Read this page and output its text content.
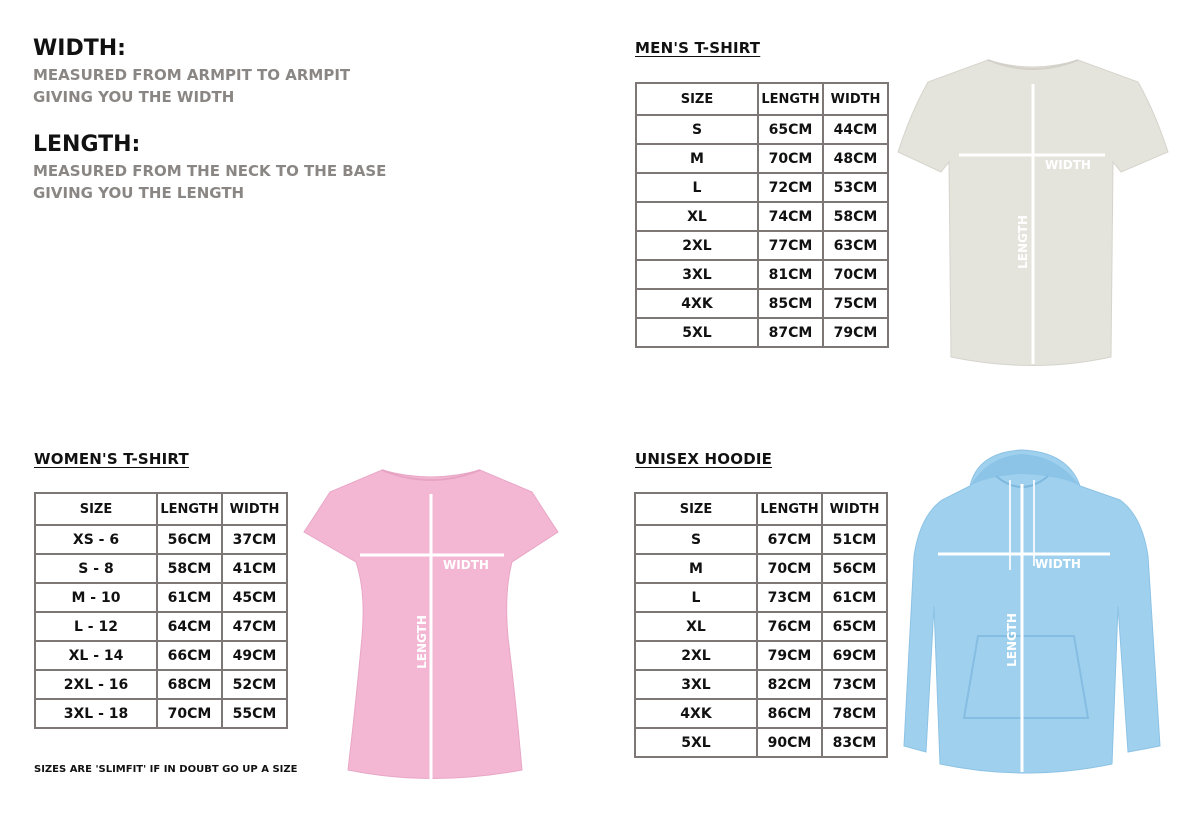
WIDTH:

MEASURED FROM ARMPIT TO ARMPIT

GIVING YOU THE WIDTH

LENGTH:

MEASURED FROM THE NECK TO THE BASE

GIVING YOU THE LENGTH

MEN'S T-SHIRT
SIZE	LENGTH	WIDTH
S	65CM	44CM
M	70CM	48CM
L	72CM	53CM
XL	74CM	58CM
2XL	77CM	63CM
3XL	81CM	70CM
4XK	85CM	75CM
5XL	87CM	79CM
WIDTH
LENGTH
WOMEN'S T-SHIRT
SIZE	LENGTH	WIDTH
XS - 6	56CM	37CM
S - 8	58CM	41CM
M - 10	61CM	45CM
L - 12	64CM	47CM
XL - 14	66CM	49CM
2XL - 16	68CM	52CM
3XL - 18	70CM	55CM
SIZES ARE 'SLIMFIT' IF IN DOUBT GO UP A SIZE
WIDTH
LENGTH
UNISEX HOODIE
SIZE	LENGTH	WIDTH
S	67CM	51CM
M	70CM	56CM
L	73CM	61CM
XL	76CM	65CM
2XL	79CM	69CM
3XL	82CM	73CM
4XK	86CM	78CM
5XL	90CM	83CM
WIDTH
LENGTH
